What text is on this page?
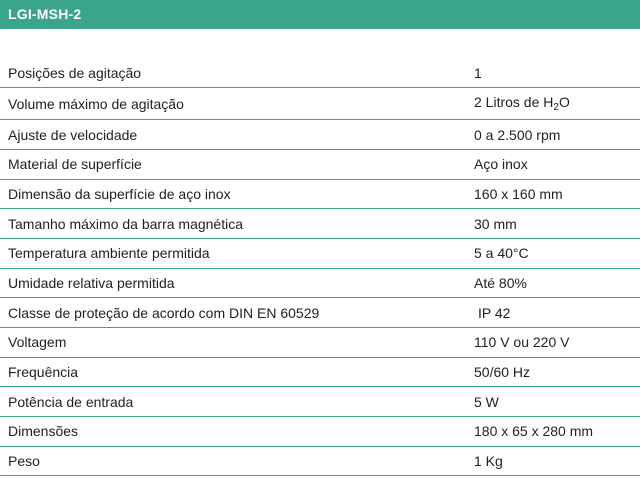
LGI-MSH-2
Posições de agitação	1
Volume máximo de agitação	2 Litros de $H_2O$
Ajuste de velocidade	0 a 2.500 rpm
Material de superfície	Aço inox
Dimensão da superfície de aço inox	160 x 160 mm
Tamanho máximo da barra magnética	30 mm
Temperatura ambiente permitida	5 a 40°C
Umidade relativa permitida	Até 80%
Classe de proteção de acordo com DIN EN 60529	IP 42
Voltagem	110 V ou 220 V
Frequência	50/60 Hz
Potência de entrada	5 W
Dimensões	180 x 65 x 280 mm
Peso	1 Kg
